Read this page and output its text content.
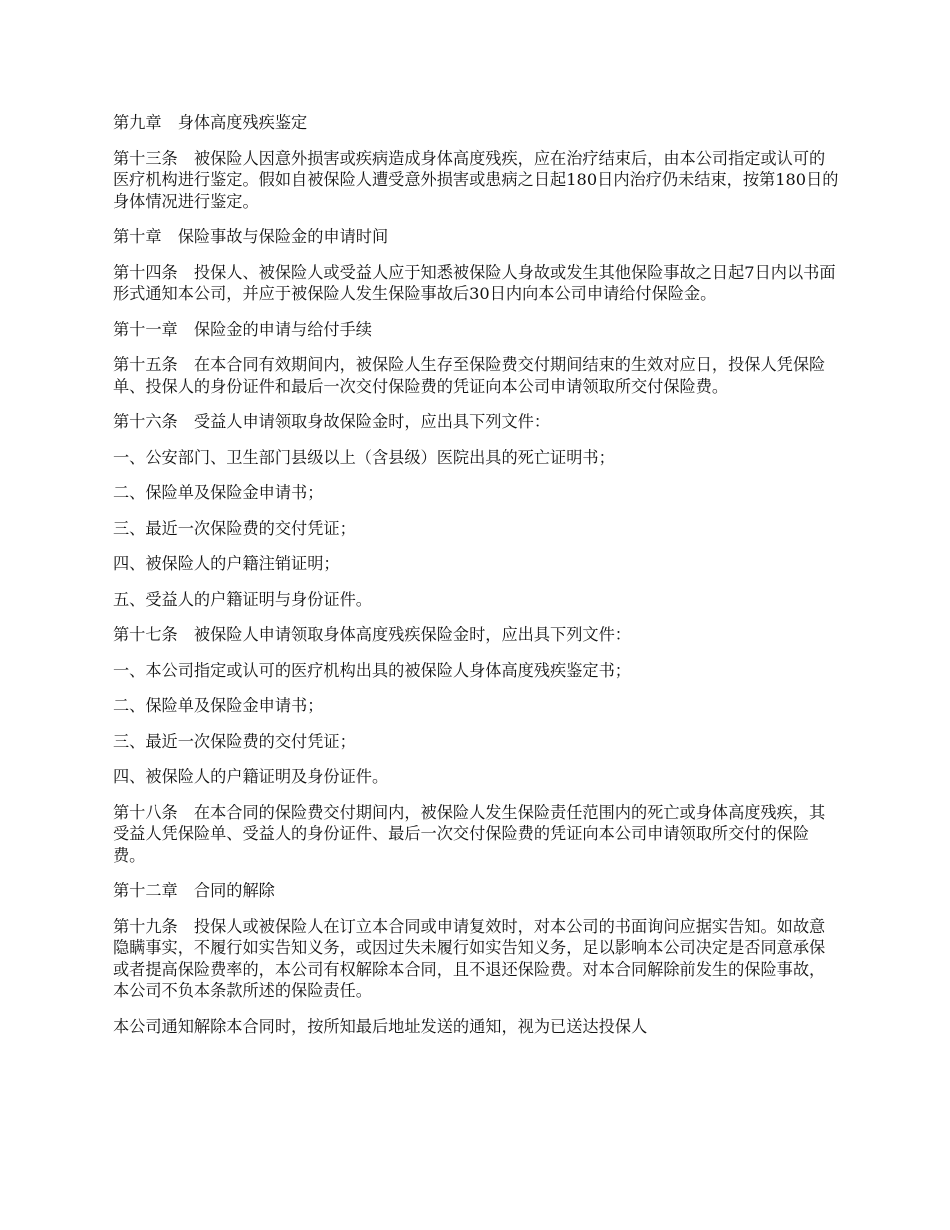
第九章　身体高度残疾鉴定

第十三条　被保险人因意外损害或疾病造成身体高度残疾，应在治疗结束后，由本公司指定或认可的医疗机构进行鉴定。假如自被保险人遭受意外损害或患病之日起180日内治疗仍未结束，按第180日的身体情况进行鉴定。

第十章　保险事故与保险金的申请时间

第十四条　投保人、被保险人或受益人应于知悉被保险人身故或发生其他保险事故之日起7日内以书面形式通知本公司，并应于被保险人发生保险事故后30日内向本公司申请给付保险金。

第十一章　保险金的申请与给付手续

第十五条　在本合同有效期间内，被保险人生存至保险费交付期间结束的生效对应日，投保人凭保险单、投保人的身份证件和最后一次交付保险费的凭证向本公司申请领取所交付保险费。

第十六条　受益人申请领取身故保险金时，应出具下列文件：

一、公安部门、卫生部门县级以上（含县级）医院出具的死亡证明书；

二、保险单及保险金申请书；

三、最近一次保险费的交付凭证；

四、被保险人的户籍注销证明；

五、受益人的户籍证明与身份证件。

第十七条　被保险人申请领取身体高度残疾保险金时，应出具下列文件：

一、本公司指定或认可的医疗机构出具的被保险人身体高度残疾鉴定书；

二、保险单及保险金申请书；

三、最近一次保险费的交付凭证；

四、被保险人的户籍证明及身份证件。

第十八条　在本合同的保险费交付期间内，被保险人发生保险责任范围内的死亡或身体高度残疾，其受益人凭保险单、受益人的身份证件、最后一次交付保险费的凭证向本公司申请领取所交付的保险费。

第十二章　合同的解除

第十九条　投保人或被保险人在订立本合同或申请复效时，对本公司的书面询问应据实告知。如故意隐瞒事实，不履行如实告知义务，或因过失未履行如实告知义务，足以影响本公司决定是否同意承保或者提高保险费率的，本公司有权解除本合同，且不退还保险费。对本合同解除前发生的保险事故，本公司不负本条款所述的保险责任。

本公司通知解除本合同时，按所知最后地址发送的通知，视为已送达投保人
